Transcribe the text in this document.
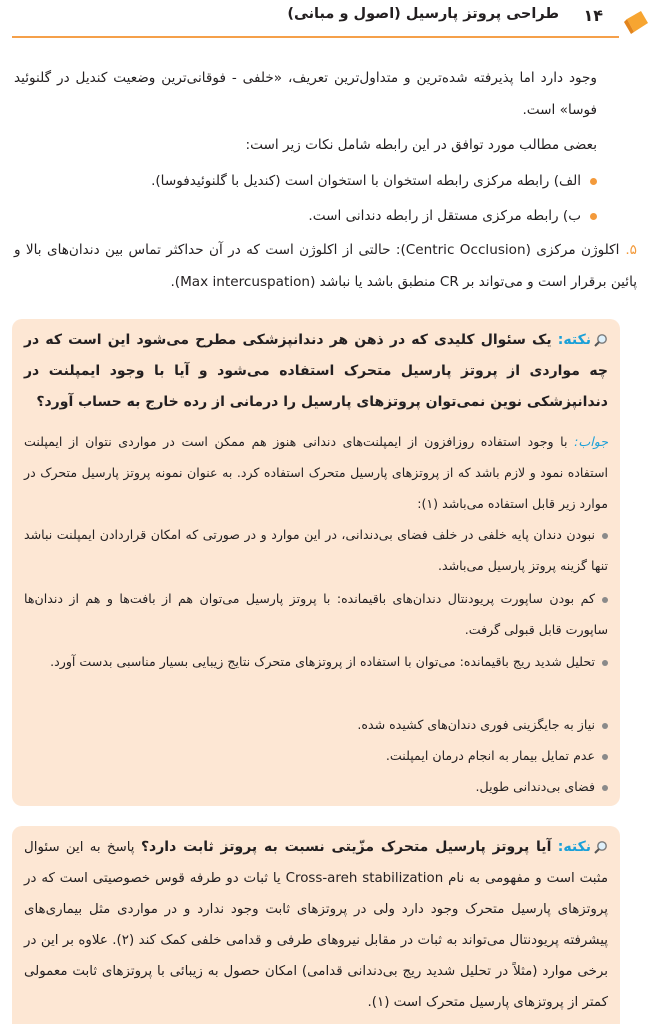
۱۴
طراحی پروتز پارسیل (اصول و مبانی)
وجود دارد اما پذیرفته شده‌ترین و متداول‌ترین تعریف، «خلفی - فوقانی‌ترین وضعیت کندیل در گلنوئید فوسا» است.
بعضی مطالب مورد توافق در این رابطه شامل نکات زیر است:
الف) رابطه مرکزی رابطه استخوان با استخوان است (کندیل با گلنوئیدفوسا).
ب) رابطه مرکزی مستقل از رابطه دندانی است.
۵.اکلوژن مرکزی (Centric Occlusion): حالتی از اکلوژن است که در آن حداکثر تماس بین دندان‌های بالا و پائین برقرار است و می‌تواند بر CR منطبق باشد یا نباشد (Max intercuspation).
نکته: یک سئوال کلیدی که در ذهن هر دندانپزشکی مطرح می‌شود این است که در چه مواردی از پروتز پارسیل متحرک استفاده می‌شود و آیا با وجود ایمپلنت در دندانپزشکی نوین نمی‌توان پروتزهای پارسیل را درمانی از رده خارج به حساب آورد؟
جواب: با وجود استفاده روزافزون از ایمپلنت‌های دندانی هنوز هم ممکن است در مواردی نتوان از ایمپلنت استفاده نمود و لازم باشد که از پروتزهای پارسیل متحرک استفاده کرد. به عنوان نمونه پروتز پارسیل متحرک در موارد زیر قابل استفاده می‌باشد (۱):
نبودن دندان پایه خلفی در خلف فضای بی‌دندانی، در این موارد و در صورتی که امکان قراردادن ایمپلنت نباشد تنها گزینه پروتز پارسیل می‌باشد.
کم بودن ساپورت پریودنتال دندان‌های باقیمانده: با پروتز پارسیل می‌توان هم از بافت‌ها و هم از دندان‌ها ساپورت قابل قبولی گرفت.
تحلیل شدید ریج باقیمانده: می‌توان با استفاده از پروتزهای متحرک نتایج زیبایی بسیار مناسبی بدست آورد.
نیاز به جایگزینی فوری دندان‌های کشیده شده.
عدم تمایل بیمار به انجام درمان ایمپلنت.
فضای بی‌دندانی طویل.
نکته: آیا پروتز پارسیل متحرک مزّیتی نسبت به پروتز ثابت دارد؟ پاسخ به این سئوال مثبت است و مفهومی به نام Cross-areh stabilization یا ثبات دو طرفه قوس خصوصیتی است که در پروتزهای پارسیل متحرک وجود دارد ولی در پروتزهای ثابت وجود ندارد و در مواردی مثل بیماری‌های پیشرفته پریودنتال می‌تواند به ثبات در مقابل نیروهای طرفی و قدامی خلفی کمک کند (۲). علاوه بر این در برخی موارد (مثلاً در تحلیل شدید ریج بی‌دندانی قدامی) امکان حصول به زیبائی با پروتزهای ثابت معمولی کمتر از پروتزهای پارسیل متحرک است (۱).
